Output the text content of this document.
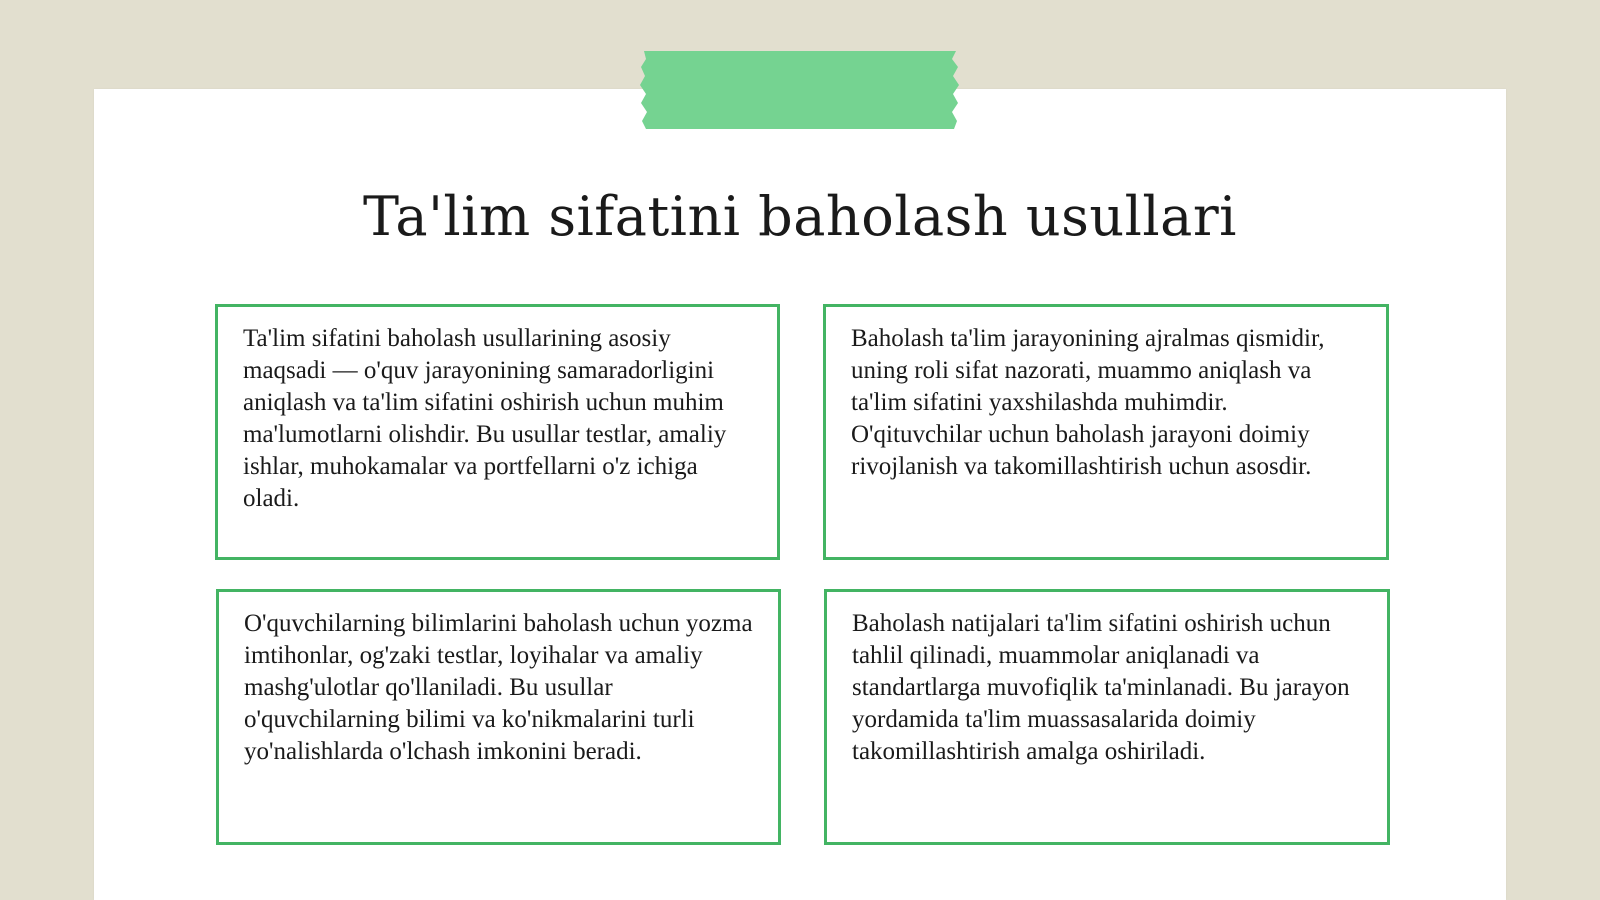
Ta'lim sifatini baholash usullari

Ta'lim sifatini baholash usullarining asosiy maqsadi — o'quv jarayonining samaradorligini aniqlash va ta'lim sifatini oshirish uchun muhim ma'lumotlarni olishdir. Bu usullar testlar, amaliy ishlar, muhokamalar va portfellarni o'z ichiga oladi.

Baholash ta'lim jarayonining ajralmas qismidir, uning roli sifat nazorati, muammo aniqlash va ta'lim sifatini yaxshilashda muhimdir. O'qituvchilar uchun baholash jarayoni doimiy rivojlanish va takomillashtirish uchun asosdir.

O'quvchilarning bilimlarini baholash uchun yozma imtihonlar, og'zaki testlar, loyihalar va amaliy mashg'ulotlar qo'llaniladi. Bu usullar o'quvchilarning bilimi va ko'nikmalarini turli yo'nalishlarda o'lchash imkonini beradi.

Baholash natijalari ta'lim sifatini oshirish uchun tahlil qilinadi, muammolar aniqlanadi va standartlarga muvofiqlik ta'minlanadi. Bu jarayon yordamida ta'lim muassasalarida doimiy takomillashtirish amalga oshiriladi.
